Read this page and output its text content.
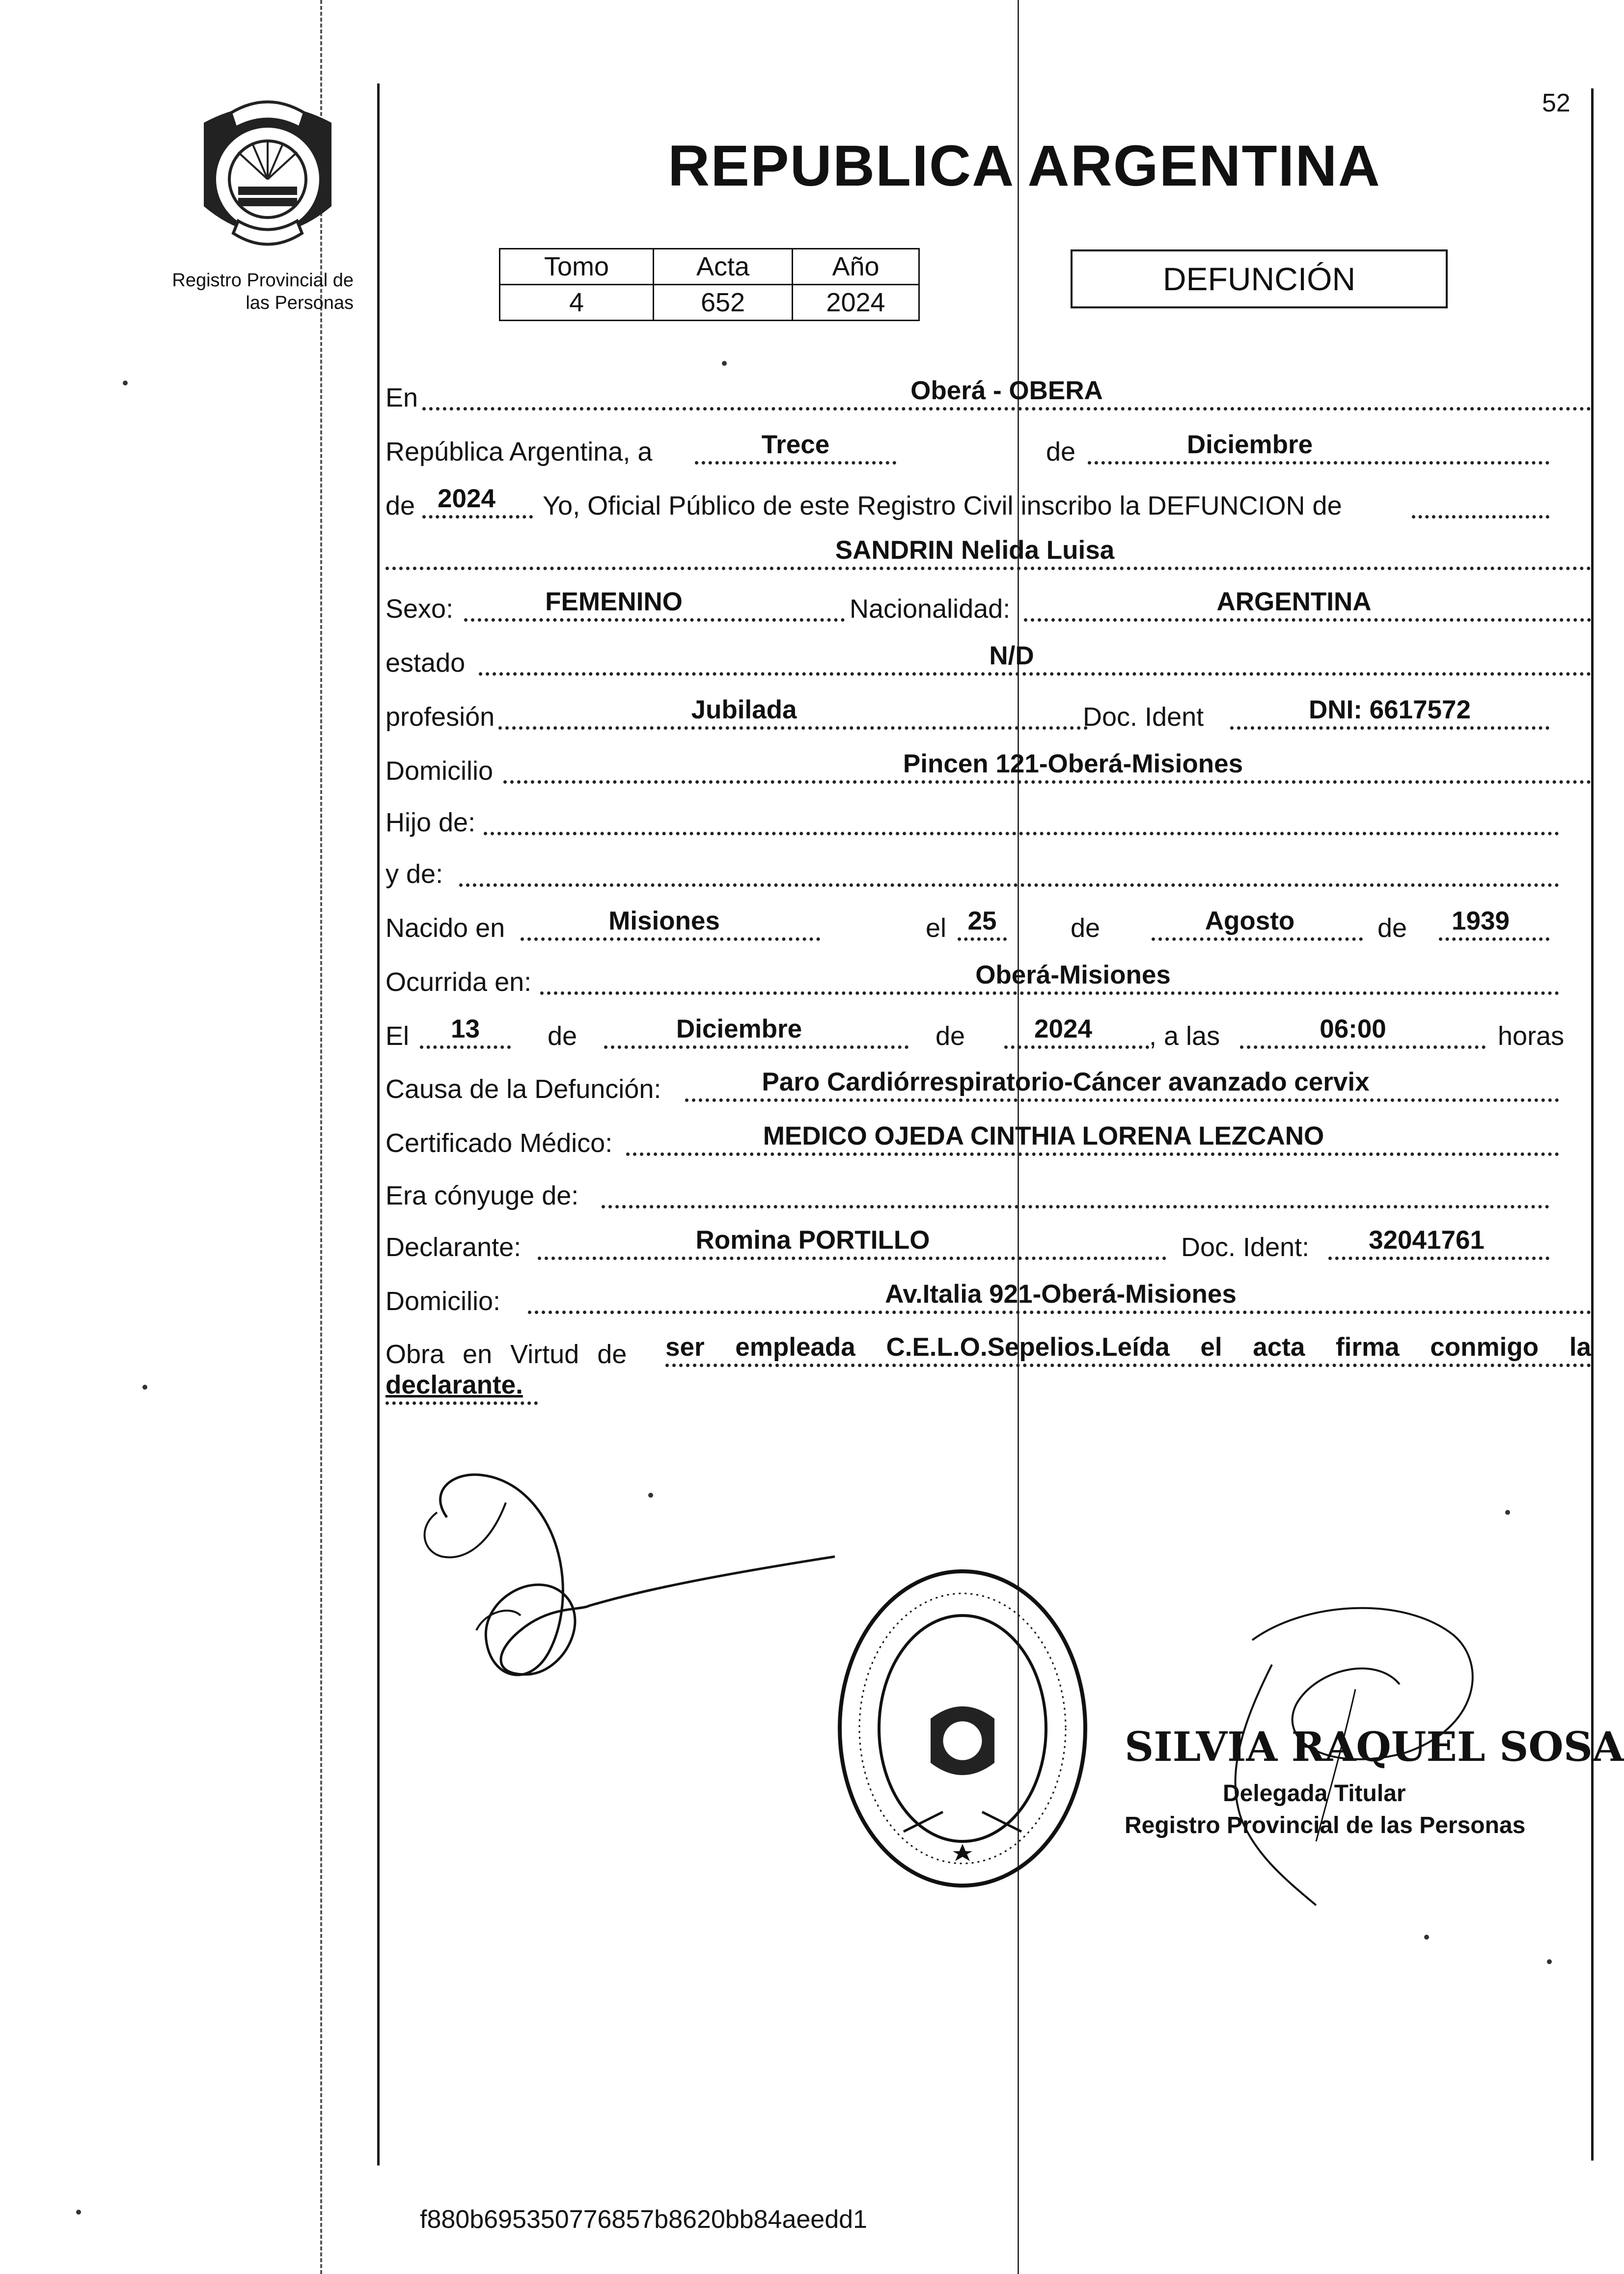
52
Registro Provincial de
las Personas
REPUBLICA ARGENTINA
Tomo	Acta	Año
4	652	2024
DEFUNCIÓN
En	Oberá - OBERA
República Argentina, a	Trece	de	Diciembre
de 2024	Yo, Oficial Público de este Registro Civil inscribo la DEFUNCION de
SANDRIN Nelida Luisa
Sexo:	FEMENINO	Nacionalidad:	ARGENTINA
estado	N/D
profesión	Jubilada	Doc. Ident	DNI: 6617572
Domicilio	Pincen 121-Oberá-Misiones
Hijo de:
y de:
Nacido en	Misiones	el 25	de	Agosto	de	1939
Ocurrida en:	Oberá-Misiones
El	13	de	Diciembre	de	2024	, a las	06:00	horas
Causa de la Defunción:	Paro Cardiórrespiratorio-Cáncer avanzado cervix
Certificado Médico:	MEDICO OJEDA CINTHIA LORENA LEZCANO
Era cónyuge de:
Declarante:	Romina PORTILLO	Doc. Ident:	32041761
Domicilio:	Av.Italia 921-Oberá-Misiones
Obra en Virtud de ser empleada C.E.L.O.Sepelios.Leída el acta firma conmigo la
declarante.
SILVIA RAQUEL SOSA
Delegada Titular
Registro Provincial de las Personas
f880b695350776857b8620bb84aeedd1
